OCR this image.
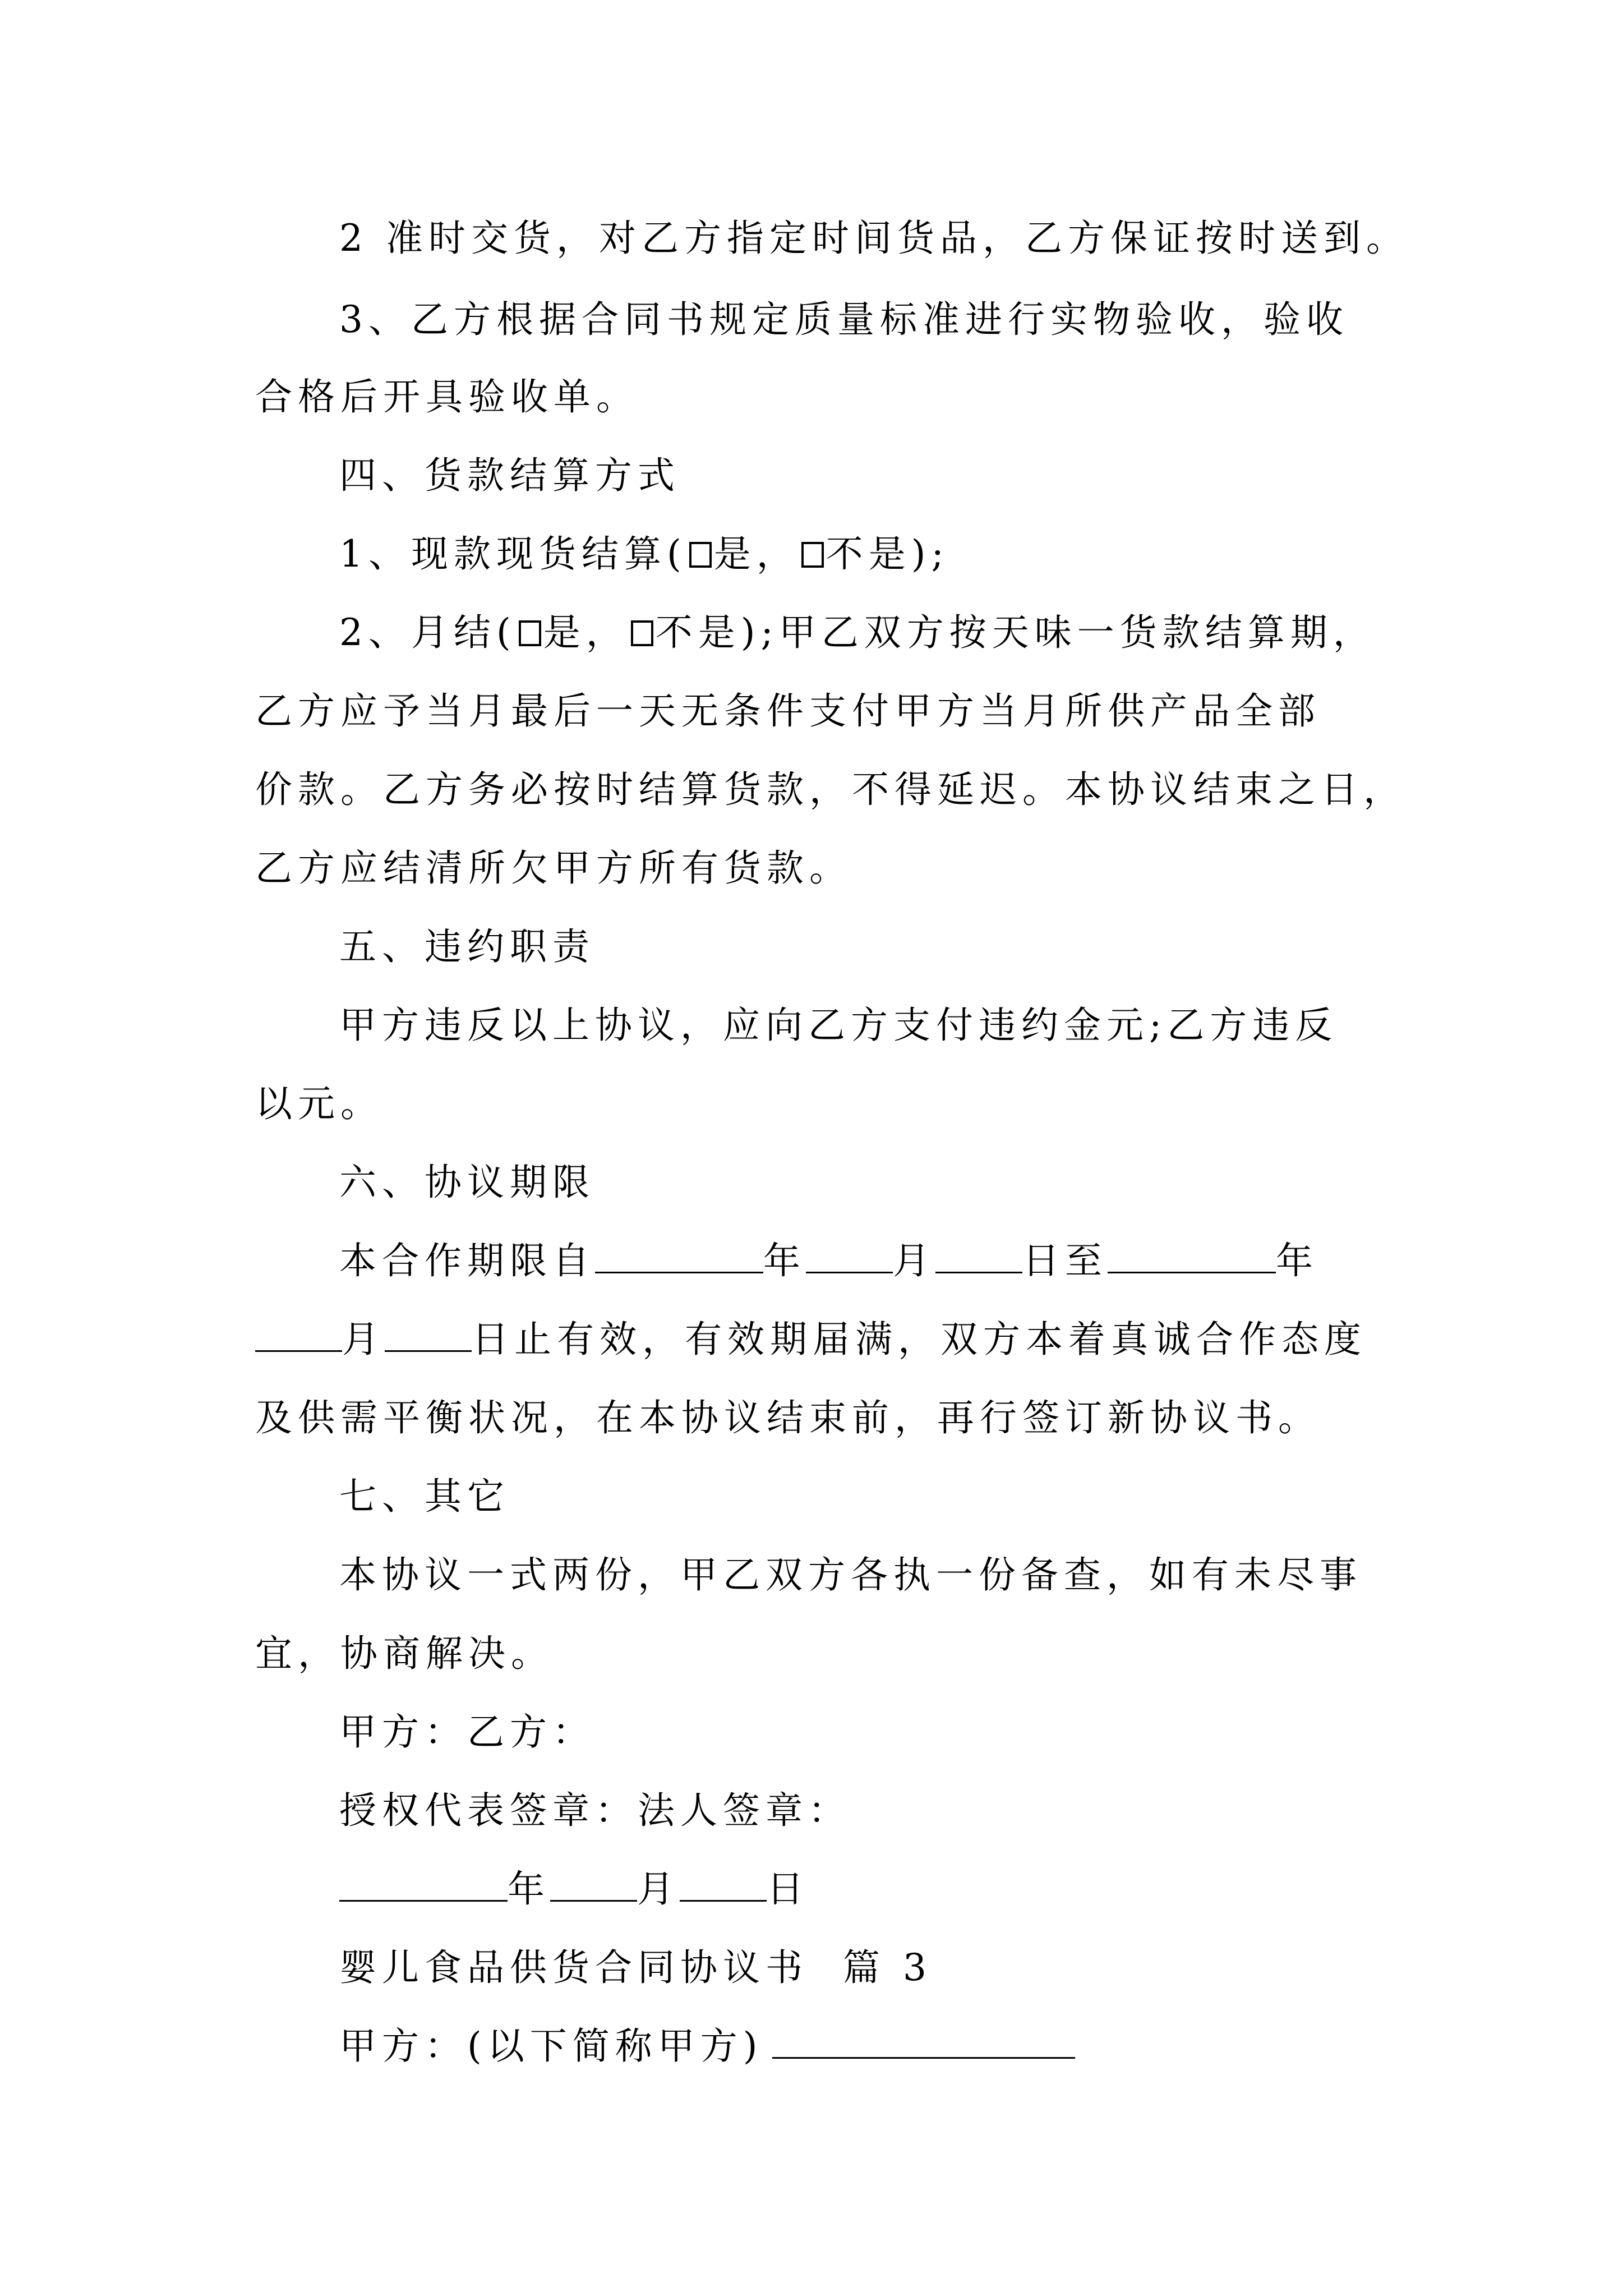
2 准时交货，对乙方指定时间货品，乙方保证按时送到。

3、乙方根据合同书规定质量标准进行实物验收，验收

合格后开具验收单。

四、货款结算方式

1、现款现货结算( 是， 不是);

2、月结( 是， 不是);甲乙双方按天味一货款结算期，

乙方应予当月最后一天无条件支付甲方当月所供产品全部

价款。乙方务必按时结算货款，不得延迟。本协议结束之日，

乙方应结清所欠甲方所有货款。

五、违约职责

甲方违反以上协议，应向乙方支付违约金元;乙方违反

以元。

六、协议期限

本合作期限自	年 月 日至	年

月 日止有效，有效期届满，双方本着真诚合作态度

及供需平衡状况，在本协议结束前，再行签订新协议书。

七、其它

本协议一式两份，甲乙双方各执一份备查，如有未尽事

宜，协商解决。

甲方：乙方：

授权代表签章：法人签章：

年 月 日

婴儿食品供货合同协议书  篇 3

甲方：(以下简称甲方)
